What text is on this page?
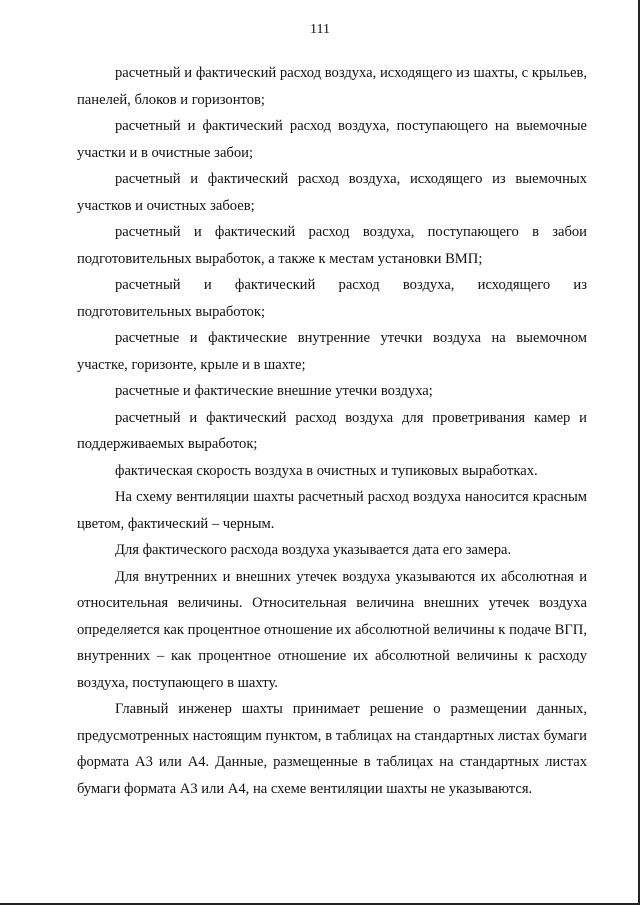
111

расчетный и фактический расход воздуха, исходящего из шахты, с крыльев, панелей, блоков и горизонтов;

расчетный и фактический расход воздуха, поступающего на выемочные участки и в очистные забои;

расчетный и фактический расход воздуха, исходящего из выемочных участков и очистных забоев;

расчетный и фактический расход воздуха, поступающего в забои подготовительных выработок, а также к местам установки ВМП;

расчетный и фактический расход воздуха, исходящего из подготовительных выработок;

расчетные и фактические внутренние утечки воздуха на выемочном участке, горизонте, крыле и в шахте;

расчетные и фактические внешние утечки воздуха;

расчетный и фактический расход воздуха для проветривания камер и поддерживаемых выработок;

фактическая скорость воздуха в очистных и тупиковых выработках.

На схему вентиляции шахты расчетный расход воздуха наносится красным цветом, фактический – черным.

Для фактического расхода воздуха указывается дата его замера.

Для внутренних и внешних утечек воздуха указываются их абсолютная и относительная величины. Относительная величина внешних утечек воздуха определяется как процентное отношение их абсолютной величины к подаче ВГП, внутренних – как процентное отношение их абсолютной величины к расходу воздуха, поступающего в шахту.

Главный инженер шахты принимает решение о размещении данных, предусмотренных настоящим пунктом, в таблицах на стандартных листах бумаги формата А3 или А4. Данные, размещенные в таблицах на стандартных листах бумаги формата А3 или А4, на схеме вентиляции шахты не указываются.
